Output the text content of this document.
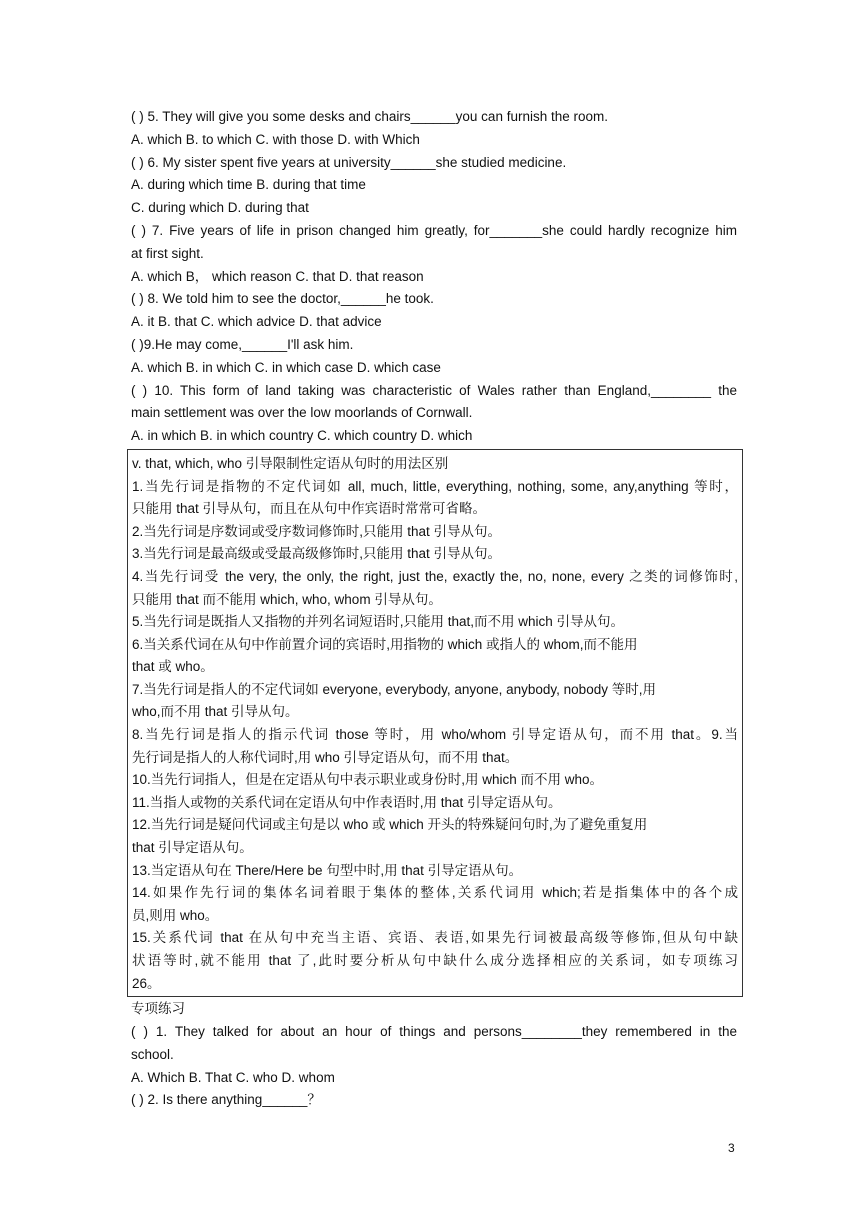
( ) 5. They will give you some desks and chairs______you can furnish the room.
A. which B. to which C. with those D. with Which
( ) 6. My sister spent five years at university______she studied medicine.
A. during which time B. during that time
C. during which D. during that
( ) 7. Five years of life in prison changed him greatly, for_______she could hardly recognize him
at first sight.
A. which B， which reason C. that D. that reason
( ) 8. We told him to see the doctor,______he took.
A. it B. that C. which advice D. that advice
( )9.He may come,______I'll ask him.
A. which B. in which C. in which case D. which case
( ) 10. This form of land taking was characteristic of Wales rather than England,________ the
main settlement was over the low moorlands of Cornwall.
A. in which B. in which country C. which country D. which
v. that, which, who 引导限制性定语从句时的用法区别
1.当先行词是指物的不定代词如 all, much, little, everything, nothing, some, any,anything 等时，
只能用 that 引导从句，而且在从句中作宾语时常常可省略。
2.当先行词是序数词或受序数词修饰时,只能用 that 引导从句。
3.当先行词是最高级或受最高级修饰时,只能用 that 引导从句。
4.当先行词受 the very, the only, the right, just the, exactly the, no, none, every 之类的词修饰时,
只能用 that 而不能用 which, who, whom 引导从句。
5.当先行词是既指人又指物的并列名词短语时,只能用 that,而不用 which 引导从句。
6.当关系代词在从句中作前置介词的宾语时,用指物的 which 或指人的 whom,而不能用
that 或 who。
7.当先行词是指人的不定代词如 everyone, everybody, anyone, anybody, nobody 等时,用
who,而不用 that 引导从句。
8.当先行词是指人的指示代词 those 等时，用 who/whom 引导定语从句，而不用 that。9.当
先行词是指人的人称代词时,用 who 引导定语从句，而不用 that。
10.当先行词指人，但是在定语从句中表示职业或身份时,用 which 而不用 who。
11.当指人或物的关系代词在定语从句中作表语时,用 that 引导定语从句。
12.当先行词是疑问代词或主句是以 who 或 which 开头的特殊疑问句时,为了避免重复用
that 引导定语从句。
13.当定语从句在 There/Here be 句型中时,用 that 引导定语从句。
14.如果作先行词的集体名词着眼于集体的整体,关系代词用 which;若是指集体中的各个成
员,则用 who。
15.关系代词 that 在从句中充当主语、宾语、表语,如果先行词被最高级等修饰,但从句中缺
状语等时,就不能用 that 了,此时要分析从句中缺什么成分选择相应的关系词，如专项练习
26。
专项练习
( ) 1. They talked for about an hour of things and persons________they remembered in the
school.
A. Which B. That C. who D. whom
( ) 2. Is there anything______？
3
